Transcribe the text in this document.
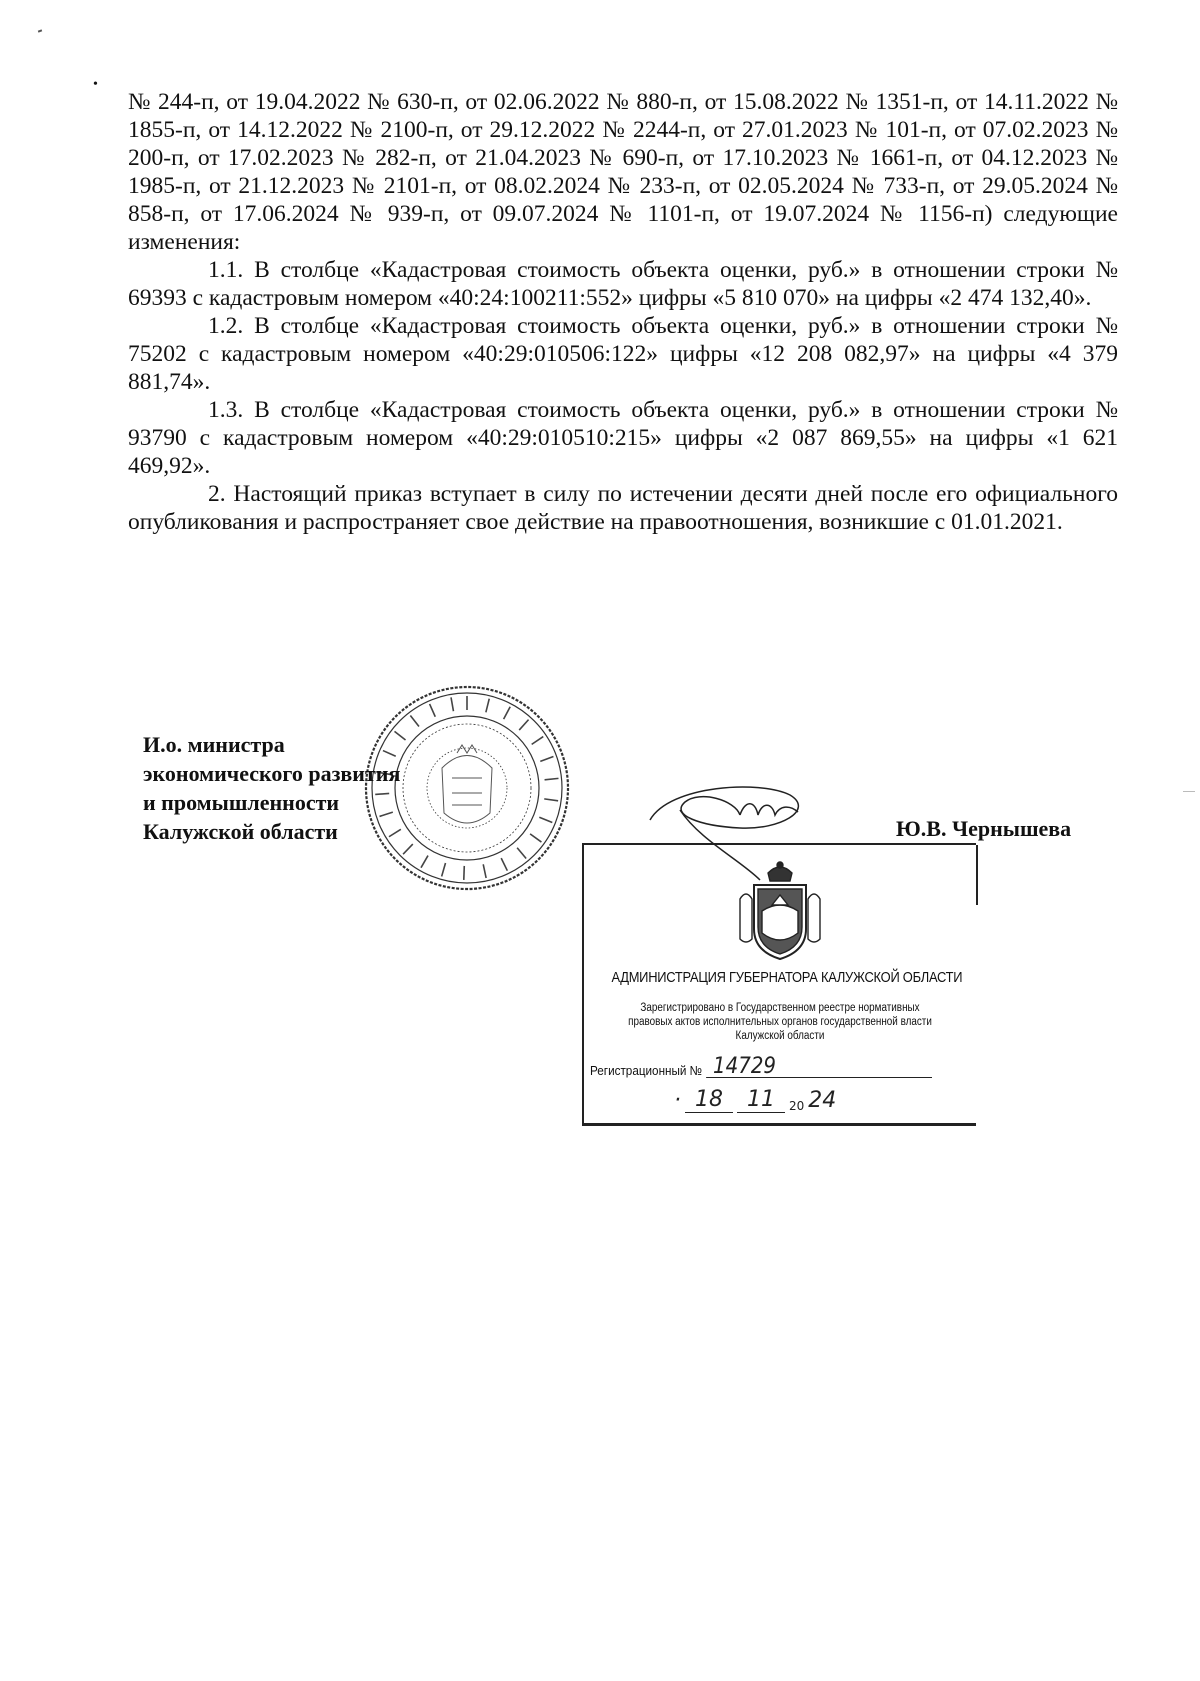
•

№ 244-п, от 19.04.2022 № 630-п, от 02.06.2022 № 880-п, от 15.08.2022 № 1351-п, от 14.11.2022 № 1855-п, от 14.12.2022 № 2100-п, от 29.12.2022 № 2244-п, от 27.01.2023 № 101-п, от 07.02.2023 № 200-п, от 17.02.2023 № 282-п, от 21.04.2023 № 690-п, от 17.10.2023 № 1661-п, от 04.12.2023 № 1985-п, от 21.12.2023 № 2101-п, от 08.02.2024 № 233-п, от 02.05.2024 № 733-п, от 29.05.2024 № 858-п, от 17.06.2024 № 939-п, от 09.07.2024 № 1101-п, от 19.07.2024 № 1156-п) следующие изменения:

1.1. В столбце «Кадастровая стоимость объекта оценки, руб.» в отношении строки № 69393 с кадастровым номером «40:24:100211:552» цифры «5 810 070» на цифры «2 474 132,40».

1.2. В столбце «Кадастровая стоимость объекта оценки, руб.» в отношении строки № 75202 с кадастровым номером «40:29:010506:122» цифры «12 208 082,97» на цифры «4 379 881,74».

1.3. В столбце «Кадастровая стоимость объекта оценки, руб.» в отношении строки № 93790 с кадастровым номером «40:29:010510:215» цифры «2 087 869,55» на цифры «1 621 469,92».

2. Настоящий приказ вступает в силу по истечении десяти дней после его официального опубликования и распространяет свое действие на правоотношения, возникшие с 01.01.2021.

И.о. министра
экономического развития
и промышленности
Калужской области	Ю.В. Чернышева
АДМИНИСТРАЦИЯ ГУБЕРНАТОРА КАЛУЖСКОЙ ОБЛАСТИ
Зарегистрировано в Государственном реестре нормативных
правовых актов исполнительных органов государственной власти
Калужской области
Регистрационный № 14729
· 18	11	20 24
